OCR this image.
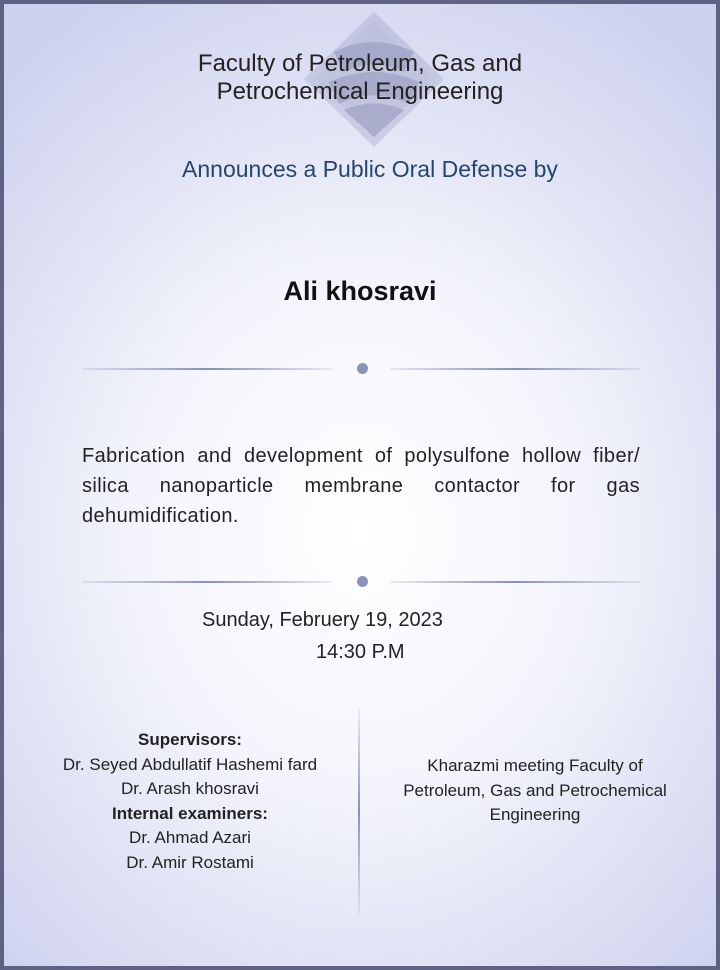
Faculty of Petroleum, Gas and
Petrochemical Engineering
Announces a Public Oral Defense by
Ali khosravi
Fabrication and development of polysulfone hollow fiber/ silica nanoparticle membrane contactor for gas dehumidification.
Sunday, Februery 19, 2023
14:30 P.M
Supervisors:
Dr. Seyed Abdullatif Hashemi fard
Dr. Arash khosravi
Internal examiners:
Dr. Ahmad Azari
Dr. Amir Rostami
Kharazmi meeting Faculty of
Petroleum, Gas and Petrochemical
Engineering
